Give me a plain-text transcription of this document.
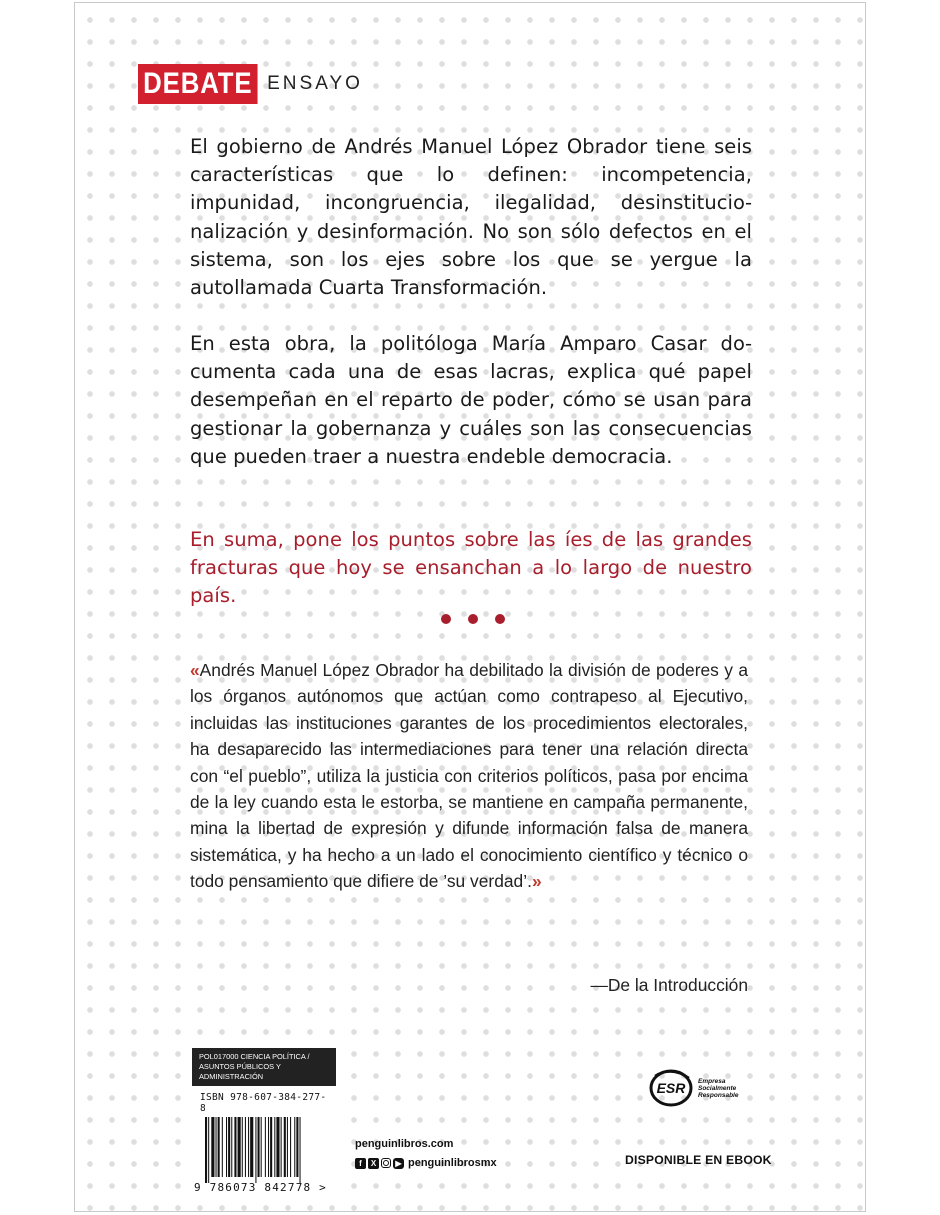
DEBATE ENSAYO

El gobierno de Andrés Manuel López Obrador tiene seis características que lo definen: incompetencia, impunidad, incongruencia, ilegalidad, desinstitucionalización y desinformación. No son sólo defectos en el sistema, son los ejes sobre los que se yergue la autollamada Cuarta Transformación.

En esta obra, la politóloga María Amparo Casar documenta cada una de esas lacras, explica qué papel desempeñan en el reparto de poder, cómo se usan para gestionar la gobernanza y cuáles son las consecuencias que pueden traer a nuestra endeble democracia.

En suma, pone los puntos sobre las íes de las grandes fracturas que hoy se ensanchan a lo largo de nuestro país.

«Andrés Manuel López Obrador ha debilitado la división de poderes y a los órganos autónomos que actúan como contrapeso al Ejecutivo, incluidas las instituciones garantes de los procedimientos electorales, ha desaparecido las intermediaciones para tener una relación directa con “el pueblo”, utiliza la justicia con criterios políticos, pasa por encima de la ley cuando esta le estorba, se mantiene en campaña permanente, mina la libertad de expresión y difunde información falsa de manera sistemática, y ha hecho a un lado el conocimiento científico y técnico o todo pensamiento que difiere de ’su verdad’.»

—De la Introducción
POL017000 CIENCIA POLÍTICA /
ASUNTOS PÚBLICOS Y ADMINISTRACIÓN
ISBN 978-607-384-277-8
9 786073 842778 >
penguinlibros.com
f	X	▶ penguinlibrosmx
ESR Empresa
Socialmente
Responsable
DISPONIBLE EN EBOOK
